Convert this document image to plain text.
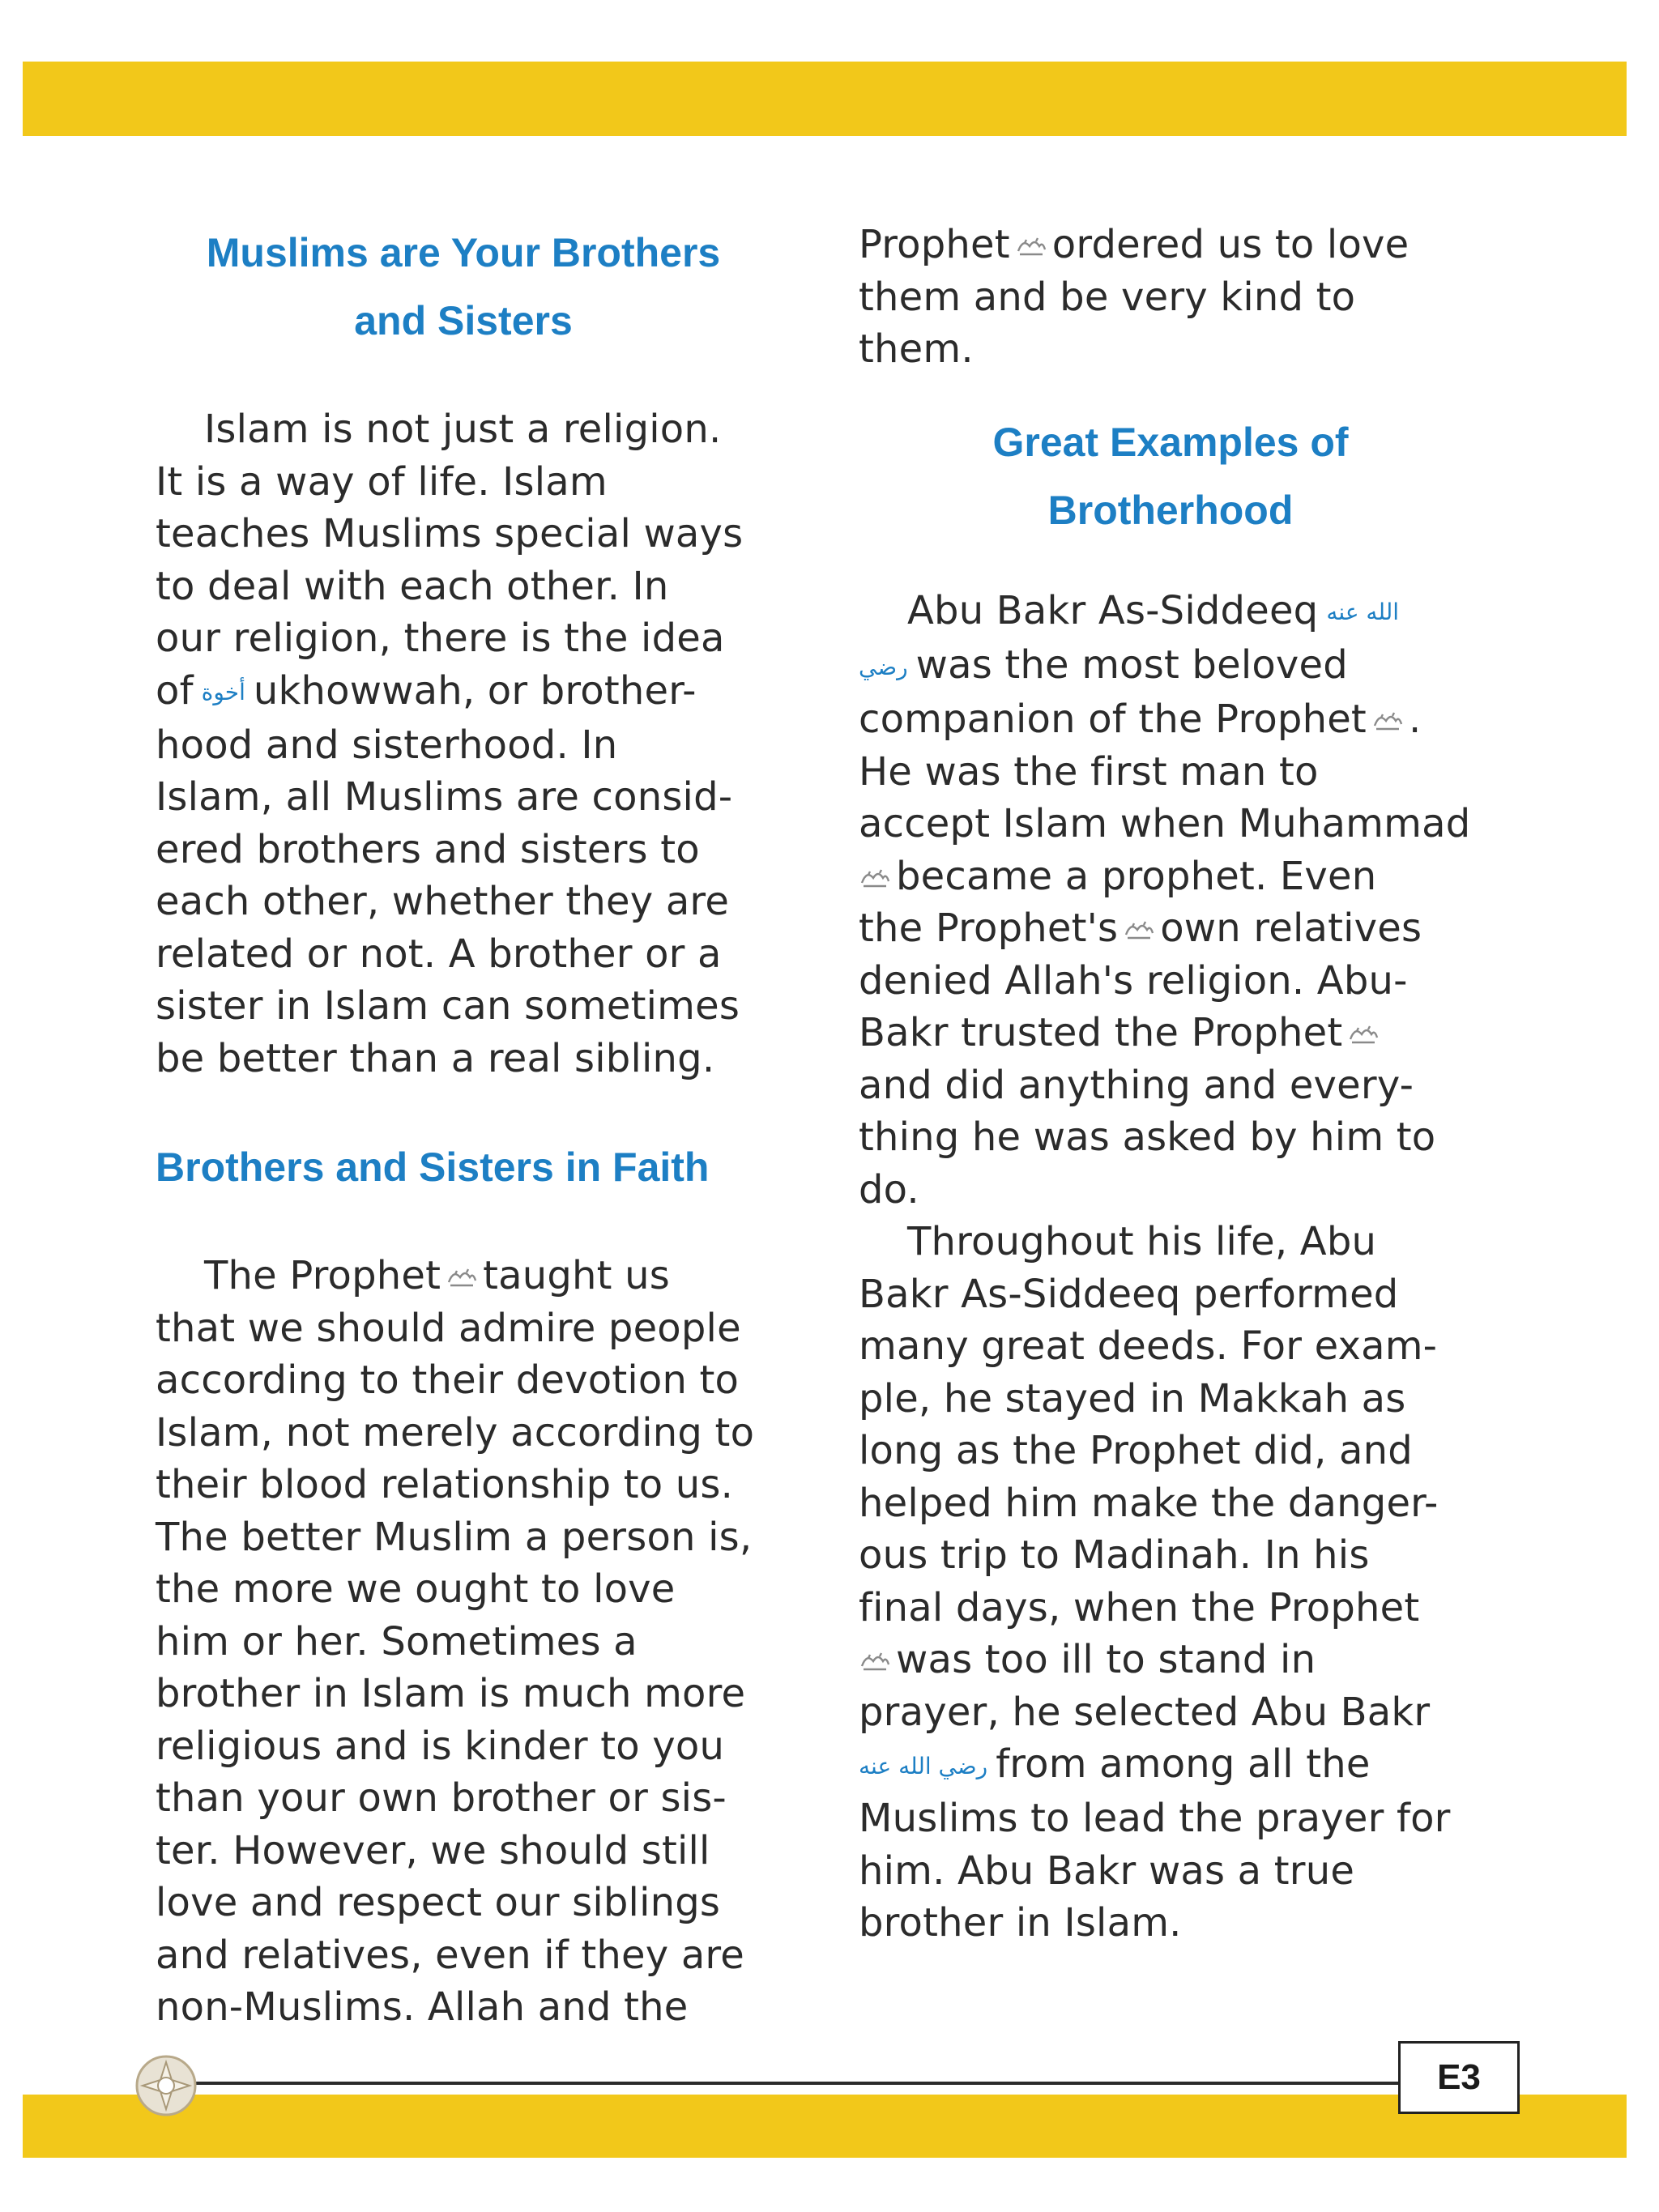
Muslims are Your Brothers
and Sisters

Islam is not just a religion.
It is a way of life. Islam
teaches Muslims special ways
to deal with each other. In
our religion, there is the idea
of أخوة ukhowwah, or brother-
hood and sisterhood. In
Islam, all Muslims are consid-
ered brothers and sisters to
each other, whether they are
related or not. A brother or a
sister in Islam can sometimes
be better than a real sibling.

Brothers and Sisters in Faith

The Prophet taught us
that we should admire people
according to their devotion to
Islam, not merely according to
their blood relationship to us.
The better Muslim a person is,
the more we ought to love
him or her. Sometimes a
brother in Islam is much more
religious and is kinder to you
than your own brother or sis-
ter. However, we should still
love and respect our siblings
and relatives, even if they are
non-Muslims. Allah and the

Prophet ordered us to love
them and be very kind to
them.

Great Examples of
Brotherhood

Abu Bakr As-Siddeeq الله عنه
رضي was the most beloved
companion of the Prophet .
He was the first man to
accept Islam when Muhammad
became a prophet. Even
the Prophet's own relatives
denied Allah's religion. Abu-
Bakr trusted the Prophet
and did anything and every-
thing he was asked by him to
do.

Throughout his life, Abu
Bakr As-Siddeeq performed
many great deeds. For exam-
ple, he stayed in Makkah as
long as the Prophet did, and
helped him make the danger-
ous trip to Madinah. In his
final days, when the Prophet
was too ill to stand in
prayer, he selected Abu Bakr
رضي الله عنه from among all the
Muslims to lead the prayer for
him. Abu Bakr was a true
brother in Islam.

E3
